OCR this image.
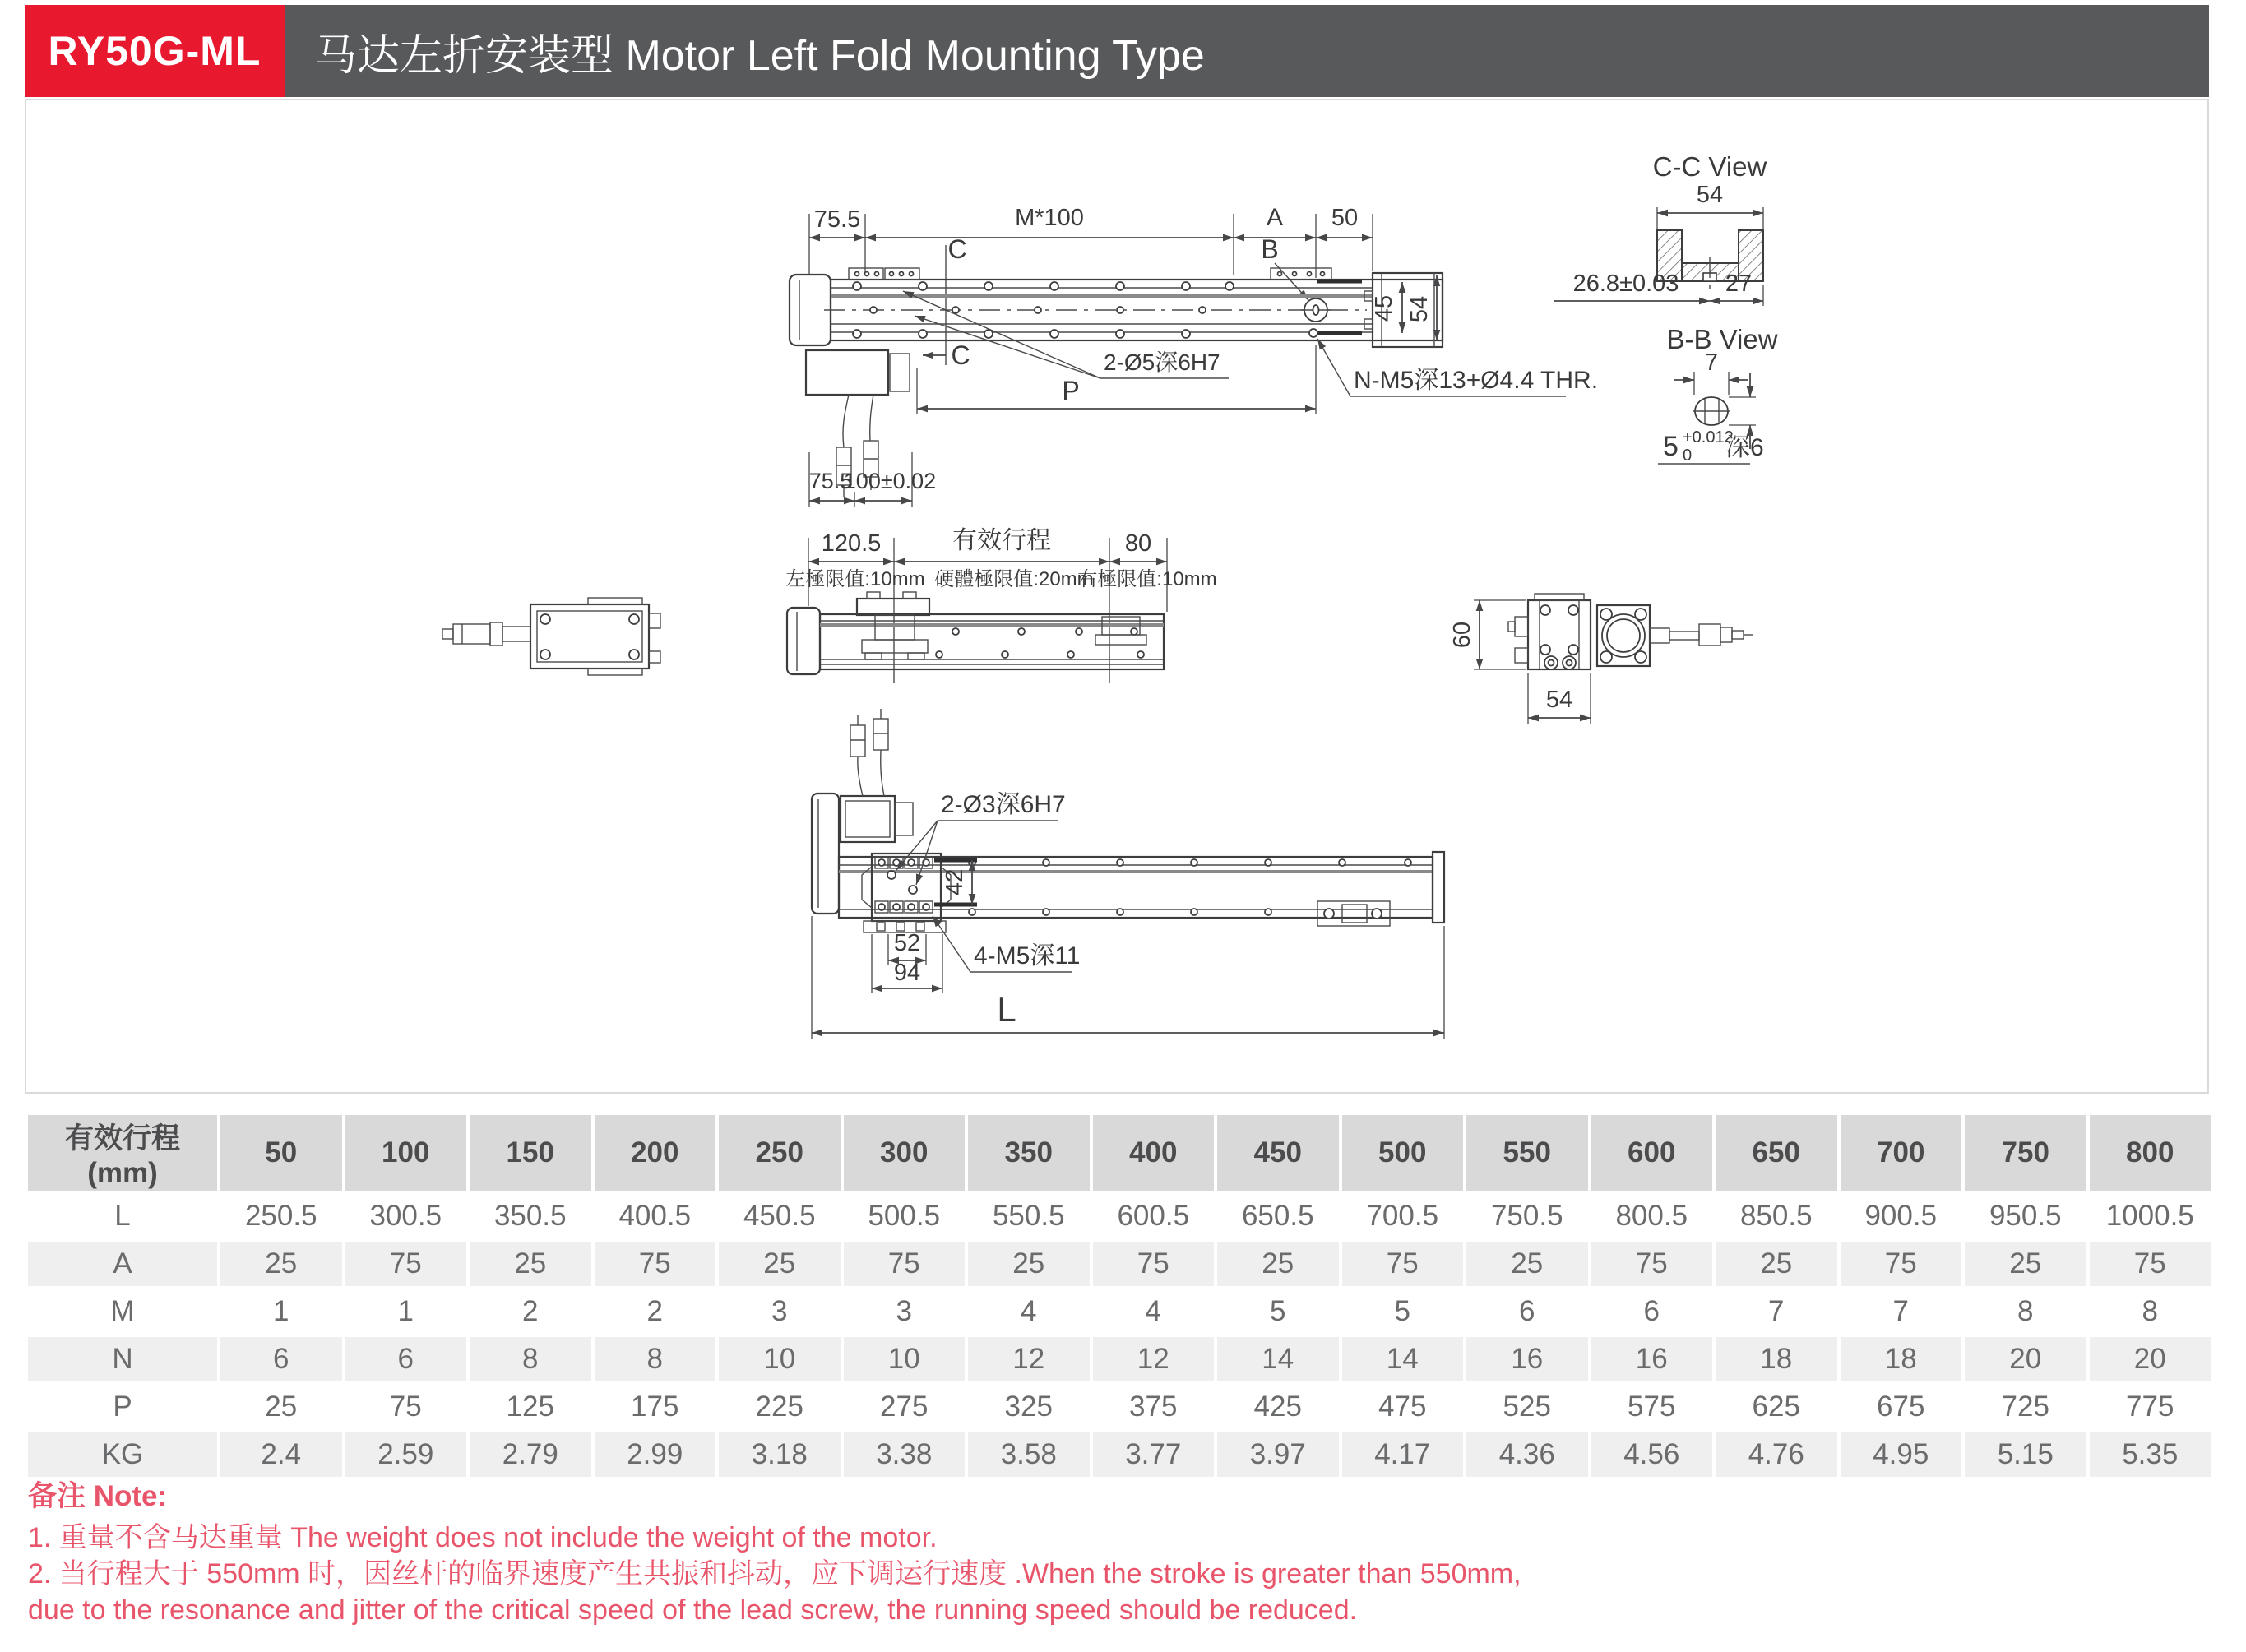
RY50G-ML	马达左折安装型 Motor Left Fold Mounting Type
75.5	M*100	A 50
C
C
B
45 54
2-Ø5深6H7
N-M5深13+Ø4.4 THR.
P
75.5
100±0.02
C-C View
54
26.8±0.03 27
B-B View
7
5 +0.012
0 深6
120.5	有效行程	80
左極限值:10mm 硬體極限值:20mm
右極限值:10mm
60
54
2-Ø3深6H7
42
52
94
4-M5深11
L
有效行程 (mm)	50	100	150	200	250	300	350	400	450	500	550	600	650	700	750	800
L	250.5	300.5	350.5	400.5	450.5	500.5	550.5	600.5	650.5	700.5	750.5	800.5	850.5	900.5	950.5	1000.5
A	25	75	25	75	25	75	25	75	25	75	25	75	25	75	25	75
M	1	1	2	2	3	3	4	4	5	5	6	6	7	7	8	8
N	6	6	8	8	10	10	12	12	14	14	16	16	18	18	20	20
P	25	75	125	175	225	275	325	375	425	475	525	575	625	675	725	775
KG	2.4	2.59	2.79	2.99	3.18	3.38	3.58	3.77	3.97	4.17	4.36	4.56	4.76	4.95	5.15	5.35

备注 Note:

1. 重量不含马达重量 The weight does not include the weight of the motor.

2. 当行程大于 550mm 时，因丝杆的临界速度产生共振和抖动，应下调运行速度 .When the stroke is greater than 550mm,

due to the resonance and jitter of the critical speed of the lead screw, the running speed should be reduced.
